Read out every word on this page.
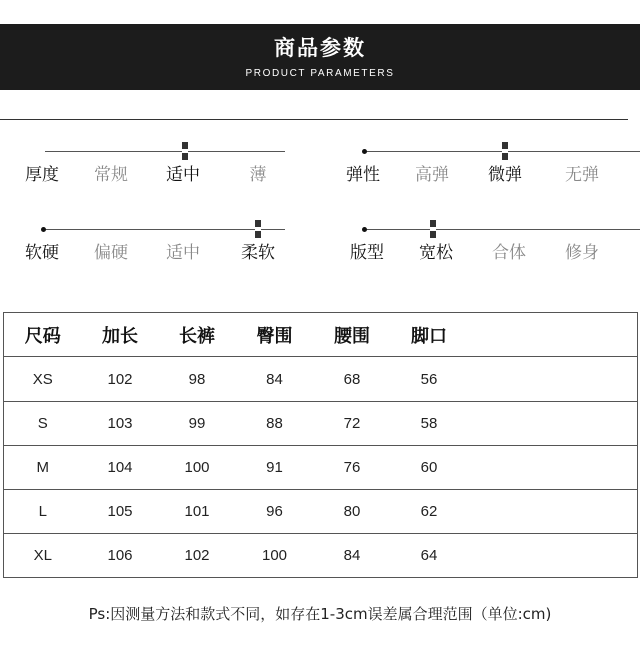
商品参数
PRODUCT PARAMETERS
厚度 常规 适中	薄	弹性 高弹 微弹	无弹
软硬 偏硬 适中 柔软	版型 宽松 合体 修身
尺码	加长	长裤	臀围	腰围	脚口	
XS	102	98	84	68	56	
S	103	99	88	72	58	
M	104	100	91	76	60	
L	105	101	96	80	62	
XL	106	102	100	84	64	
Ps:因测量方法和款式不同，如存在1-3cm误差属合理范围（单位:cm)
